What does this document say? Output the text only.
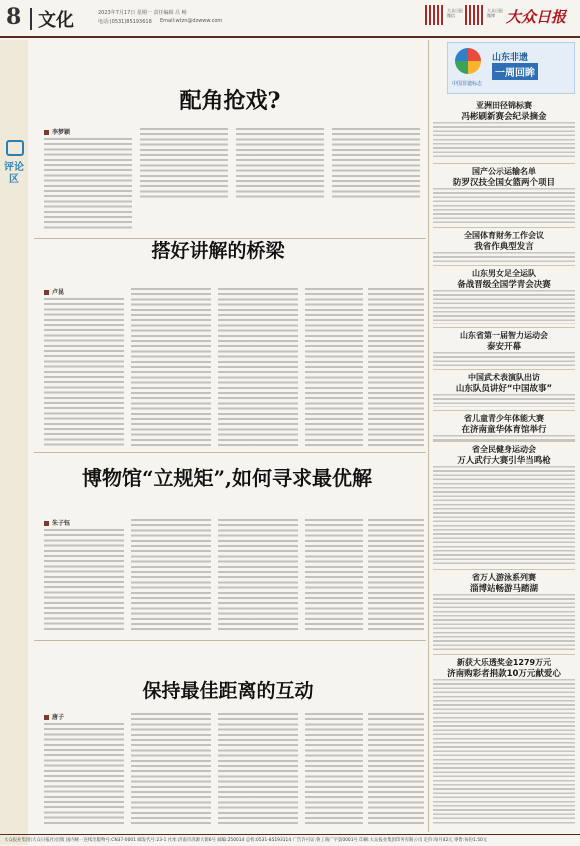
8 文化	2023年7月17日 星期一 责任编辑 吕 畅
电话:(0531)85193618 Email:wtzn@dzwww.com
大众日报微信
大众日报微博 大众日报
评论区
配角抢戏?
李梦颖
搭好讲解的桥梁
卢昆
博物馆“立规矩”,如何寻求最优解
朱子钰
保持最佳距离的互动
唐子
山东非遗
一周回眸
中国非遗标志
亚洲田径锦标赛
冯彬刷新赛会纪录摘金
国产公示运输名单
防罗汉技全国女篮两个项目
全国体育财务工作会议
我省作典型发言
山东男女足全运队
备战晋级全国学青会决赛
山东省第一届智力运动会
泰安开幕
中国武术表演队出访
山东队员讲好“中国故事”
省儿童青少年体能大赛
在济南童华体育馆举行
省全民健身运动会
万人武行大赛引华当鸣枪
省万人游泳系列赛
淄博站畅游马踏湖
新获大乐透奖金1279万元
济南购彩者捐款10万元献爱心
大众报业集团(大众日报社)出版 国内统一连续出版物号:CN37-0001 邮发代号:23-1 社址:济南市泺源大街6号 邮编:250014 总机:0531-85193114 广告许可证:鲁工商广字第0001号 印刷:大众报业集团印务有限公司 定价:每月42元 零售:每份1.50元
